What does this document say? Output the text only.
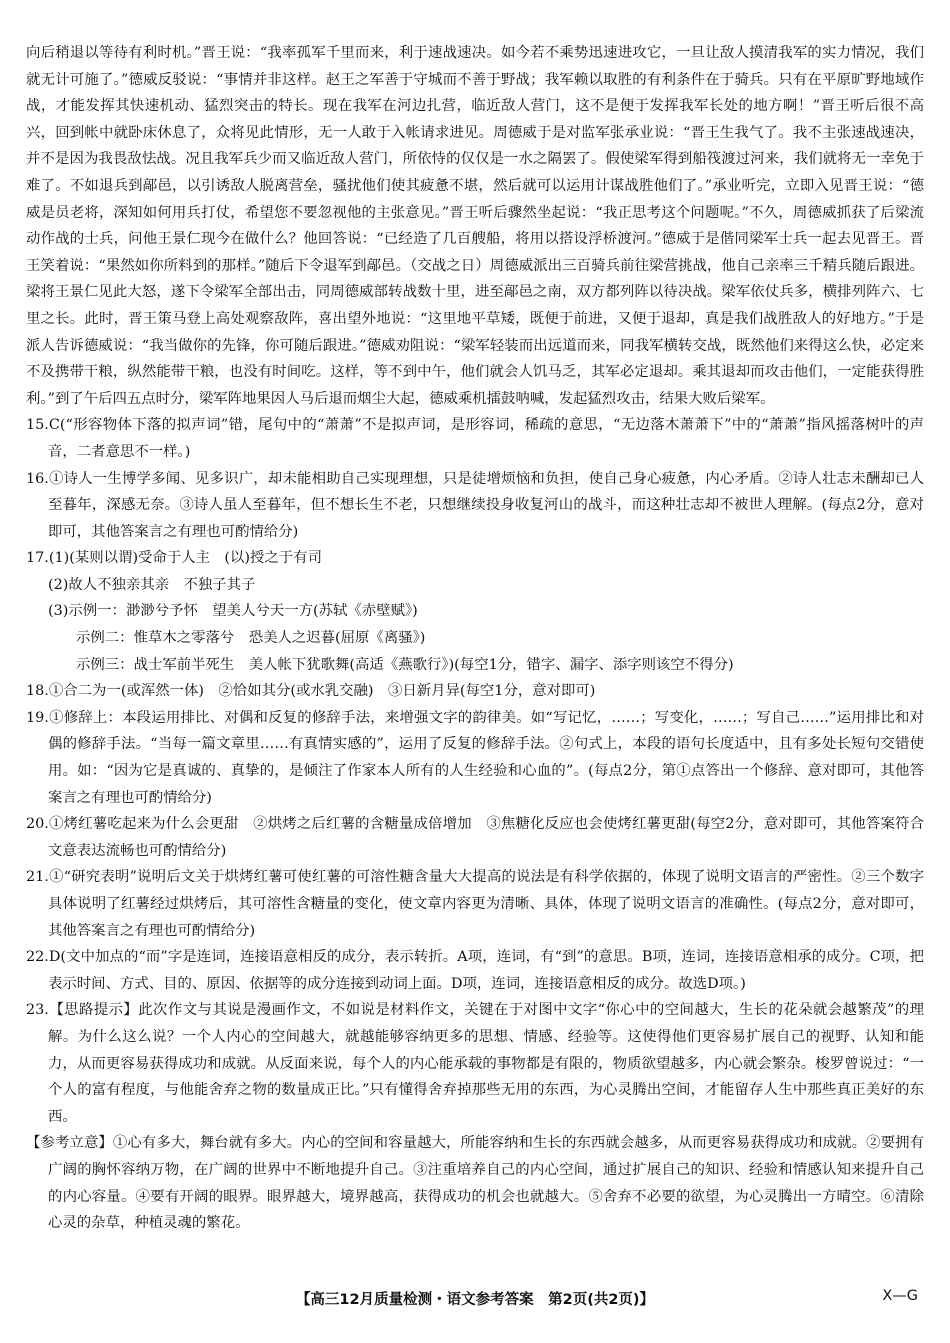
向后稍退以等待有利时机。”晋王说：“我率孤军千里而来，利于速战速决。如今若不乘势迅速进攻它，一旦让敌人摸清我军的实力情况，我们就无计可施了。”德威反驳说：“事情并非这样。赵王之军善于守城而不善于野战；我军赖以取胜的有利条件在于骑兵。只有在平原旷野地域作战，才能发挥其快速机动、猛烈突击的特长。现在我军在河边扎营，临近敌人营门，这不是便于发挥我军长处的地方啊！”晋王听后很不高兴，回到帐中就卧床休息了，众将见此情形，无一人敢于入帐请求进见。周德威于是对监军张承业说：“晋王生我气了。我不主张速战速决，并不是因为我畏敌怯战。况且我军兵少而又临近敌人营门，所依恃的仅仅是一水之隔罢了。假使梁军得到船筏渡过河来，我们就将无一幸免于难了。不如退兵到鄗邑，以引诱敌人脱离营垒，骚扰他们使其疲惫不堪，然后就可以运用计谋战胜他们了。”承业听完，立即入见晋王说：“德威是员老将，深知如何用兵打仗，希望您不要忽视他的主张意见。”晋王听后骤然坐起说：“我正思考这个问题呢。”不久，周德威抓获了后梁流动作战的士兵，问他王景仁现今在做什么？他回答说：“已经造了几百艘船，将用以搭设浮桥渡河。”德威于是偕同梁军士兵一起去见晋王。晋王笑着说：“果然如你所料到的那样。”随后下令退军到鄗邑。（交战之日）周德威派出三百骑兵前往梁营挑战，他自己亲率三千精兵随后跟进。梁将王景仁见此大怒，遂下令梁军全部出击，同周德威部转战数十里，进至鄗邑之南，双方都列阵以待决战。梁军依仗兵多，横排列阵六、七里之长。此时，晋王策马登上高处观察敌阵，喜出望外地说：“这里地平草矮，既便于前进，又便于退却，真是我们战胜敌人的好地方。”于是派人告诉德威说：“我当做你的先锋，你可随后跟进。”德威劝阻说：“梁军轻装而出远道而来，同我军横转交战，既然他们来得这么快，必定来不及携带干粮，纵然能带干粮，也没有时间吃。这样，等不到中午，他们就会人饥马乏，其军必定退却。乘其退却而攻击他们，一定能获得胜利。”到了午后四五点时分，梁军阵地果因人马后退而烟尘大起，德威乘机擂鼓呐喊，发起猛烈攻击，结果大败后梁军。

15.C(“形容物体下落的拟声词”错，尾句中的“萧萧”不是拟声词，是形容词，稀疏的意思，“无边落木萧萧下”中的“萧萧”指风摇落树叶的声音，二者意思不一样。)

16.①诗人一生博学多闻、见多识广，却未能相助自己实现理想，只是徒增烦恼和负担，使自己身心疲惫，内心矛盾。②诗人壮志未酬却已人至暮年，深感无奈。③诗人虽人至暮年，但不想长生不老，只想继续投身收复河山的战斗，而这种壮志却不被世人理解。(每点2分，意对即可，其他答案言之有理也可酌情给分)

17.(1)(某则以谓)受命于人主　(以)授之于有司

(2)故人不独亲其亲　不独子其子

(3)示例一：渺渺兮予怀　望美人兮天一方(苏轼《赤壁赋》)

示例二：惟草木之零落兮　恐美人之迟暮(屈原《离骚》)

示例三：战士军前半死生　美人帐下犹歌舞(高适《燕歌行》)(每空1分，错字、漏字、添字则该空不得分)

18.①合二为一(或浑然一体)　②恰如其分(或水乳交融)　③日新月异(每空1分，意对即可)

19.①修辞上：本段运用排比、对偶和反复的修辞手法，来增强文字的韵律美。如“写记忆，……；写变化，……；写自己……”运用排比和对偶的修辞手法。“当每一篇文章里……有真情实感的”，运用了反复的修辞手法。②句式上，本段的语句长度适中，且有多处长短句交错使用。如：“因为它是真诚的、真挚的，是倾注了作家本人所有的人生经验和心血的”。(每点2分，第①点答出一个修辞、意对即可，其他答案言之有理也可酌情给分)

20.①烤红薯吃起来为什么会更甜　②烘烤之后红薯的含糖量成倍增加　③焦糖化反应也会使烤红薯更甜(每空2分，意对即可，其他答案符合文意表达流畅也可酌情给分)

21.①“研究表明”说明后文关于烘烤红薯可使红薯的可溶性糖含量大大提高的说法是有科学依据的，体现了说明文语言的严密性。②三个数字具体说明了红薯经过烘烤后，其可溶性含糖量的变化，使文章内容更为清晰、具体，体现了说明文语言的准确性。(每点2分，意对即可，其他答案言之有理也可酌情给分)

22.D(文中加点的“而”字是连词，连接语意相反的成分，表示转折。A项，连词，有“到”的意思。B项，连词，连接语意相承的成分。C项，把表示时间、方式、目的、原因、依据等的成分连接到动词上面。D项，连词，连接语意相反的成分。故选D项。)

23.【思路提示】此次作文与其说是漫画作文，不如说是材料作文，关键在于对图中文字“你心中的空间越大，生长的花朵就会越繁茂”的理解。为什么这么说？一个人内心的空间越大，就越能够容纳更多的思想、情感、经验等。这使得他们更容易扩展自己的视野、认知和能力，从而更容易获得成功和成就。从反面来说，每个人的内心能承载的事物都是有限的，物质欲望越多，内心就会繁杂。梭罗曾说过：“一个人的富有程度，与他能舍弃之物的数量成正比。”只有懂得舍弃掉那些无用的东西，为心灵腾出空间，才能留存人生中那些真正美好的东西。

【参考立意】①心有多大，舞台就有多大。内心的空间和容量越大，所能容纳和生长的东西就会越多，从而更容易获得成功和成就。②要拥有广阔的胸怀容纳万物，在广阔的世界中不断地提升自己。③注重培养自己的内心空间，通过扩展自己的知识、经验和情感认知来提升自己的内心容量。④要有开阔的眼界。眼界越大，境界越高，获得成功的机会也就越大。⑤舍弃不必要的欲望，为心灵腾出一方晴空。⑥清除心灵的杂草，种植灵魂的繁花。

【高三12月质量检测・语文参考答案　第2页(共2页)】	X—G
